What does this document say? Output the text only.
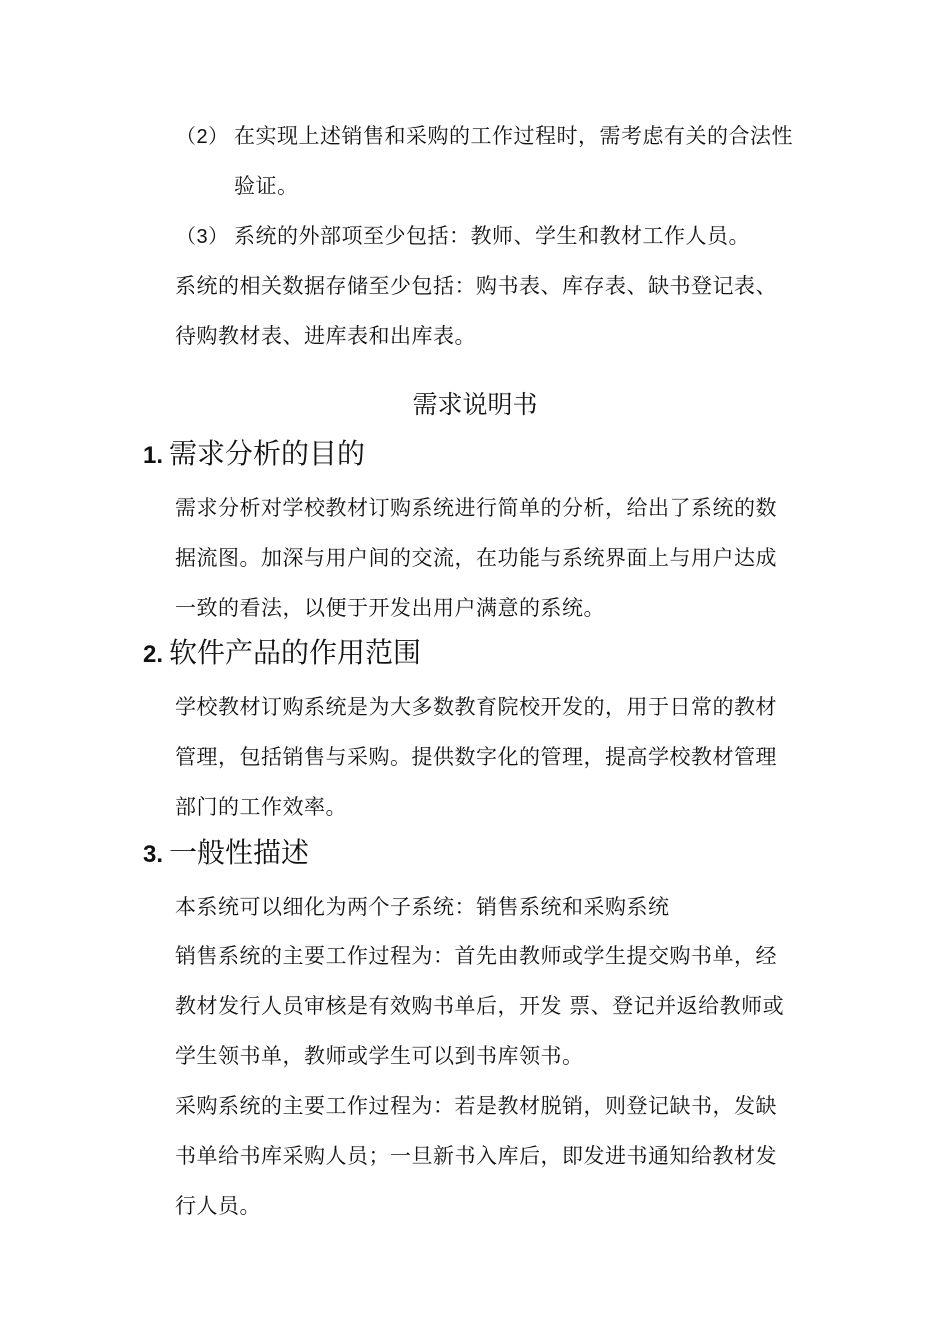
（2） 在实现上述销售和采购的工作过程时，需考虑有关的合法性
验证。
（3） 系统的外部项至少包括：教师、学生和教材工作人员。
系统的相关数据存储至少包括：购书表、库存表、缺书登记表、
待购教材表、进库表和出库表。
需求说明书
1. 需求分析的目的
需求分析对学校教材订购系统进行简单的分析，给出了系统的数
据流图。加深与用户间的交流，在功能与系统界面上与用户达成
一致的看法，以便于开发出用户满意的系统。
2. 软件产品的作用范围
学校教材订购系统是为大多数教育院校开发的，用于日常的教材
管理，包括销售与采购。提供数字化的管理，提高学校教材管理
部门的工作效率。
3. 一般性描述
本系统可以细化为两个子系统：销售系统和采购系统
销售系统的主要工作过程为：首先由教师或学生提交购书单，经
教材发行人员审核是有效购书单后，开发 票、登记并返给教师或
学生领书单，教师或学生可以到书库领书。
采购系统的主要工作过程为：若是教材脱销，则登记缺书，发缺
书单给书库采购人员；一旦新书入库后，即发进书通知给教材发
行人员。
